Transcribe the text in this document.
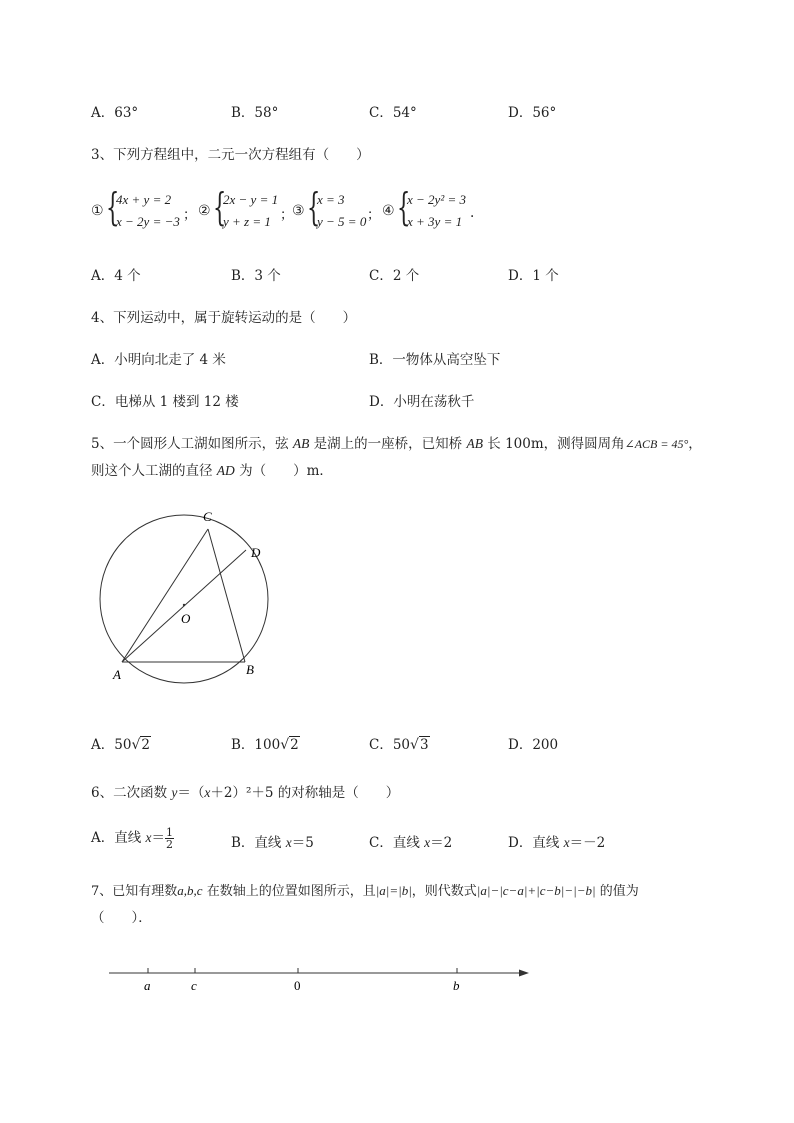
A．63°	B．58°	C．54°	D．56°
3、下列方程组中，二元一次方程组有（　　）
① {
4x + y = 2
x − 2y = −3 ； ② {
2x − y = 1
y + z = 1 ；
③ {
x = 3
y − 5 = 0 ； ④ {
x − 2y² = 3
x + 3y = 1
.
A．4 个	B．3 个	C．2 个	D．1 个
4、下列运动中，属于旋转运动的是（　　）
A．小明向北走了 4 米	B．一物体从高空坠下
C．电梯从 1 楼到 12 楼	D．小明在荡秋千
5、一个圆形人工湖如图所示，弦 AB 是湖上的一座桥，已知桥 AB 长 100m，测得圆周角∠ACB = 45°，
则这个人工湖的直径 AD 为（　　）m．
C
D
O
A	B
A．50√2	B．100√2	C．50√3	D．200
6、二次函数 y＝（x＋2）²＋5 的对称轴是（　　）
A．直线 $x= \frac{1}{2}$	B．直线 x＝5	C．直线 x＝2	D．直线 x＝－2
7、已知有理数a,b,c 在数轴上的位置如图所示，且|a|=|b|，则代数式|a|−|c−a|+|c−b|−|−b| 的值为
（　　）．
a	c	0	b
